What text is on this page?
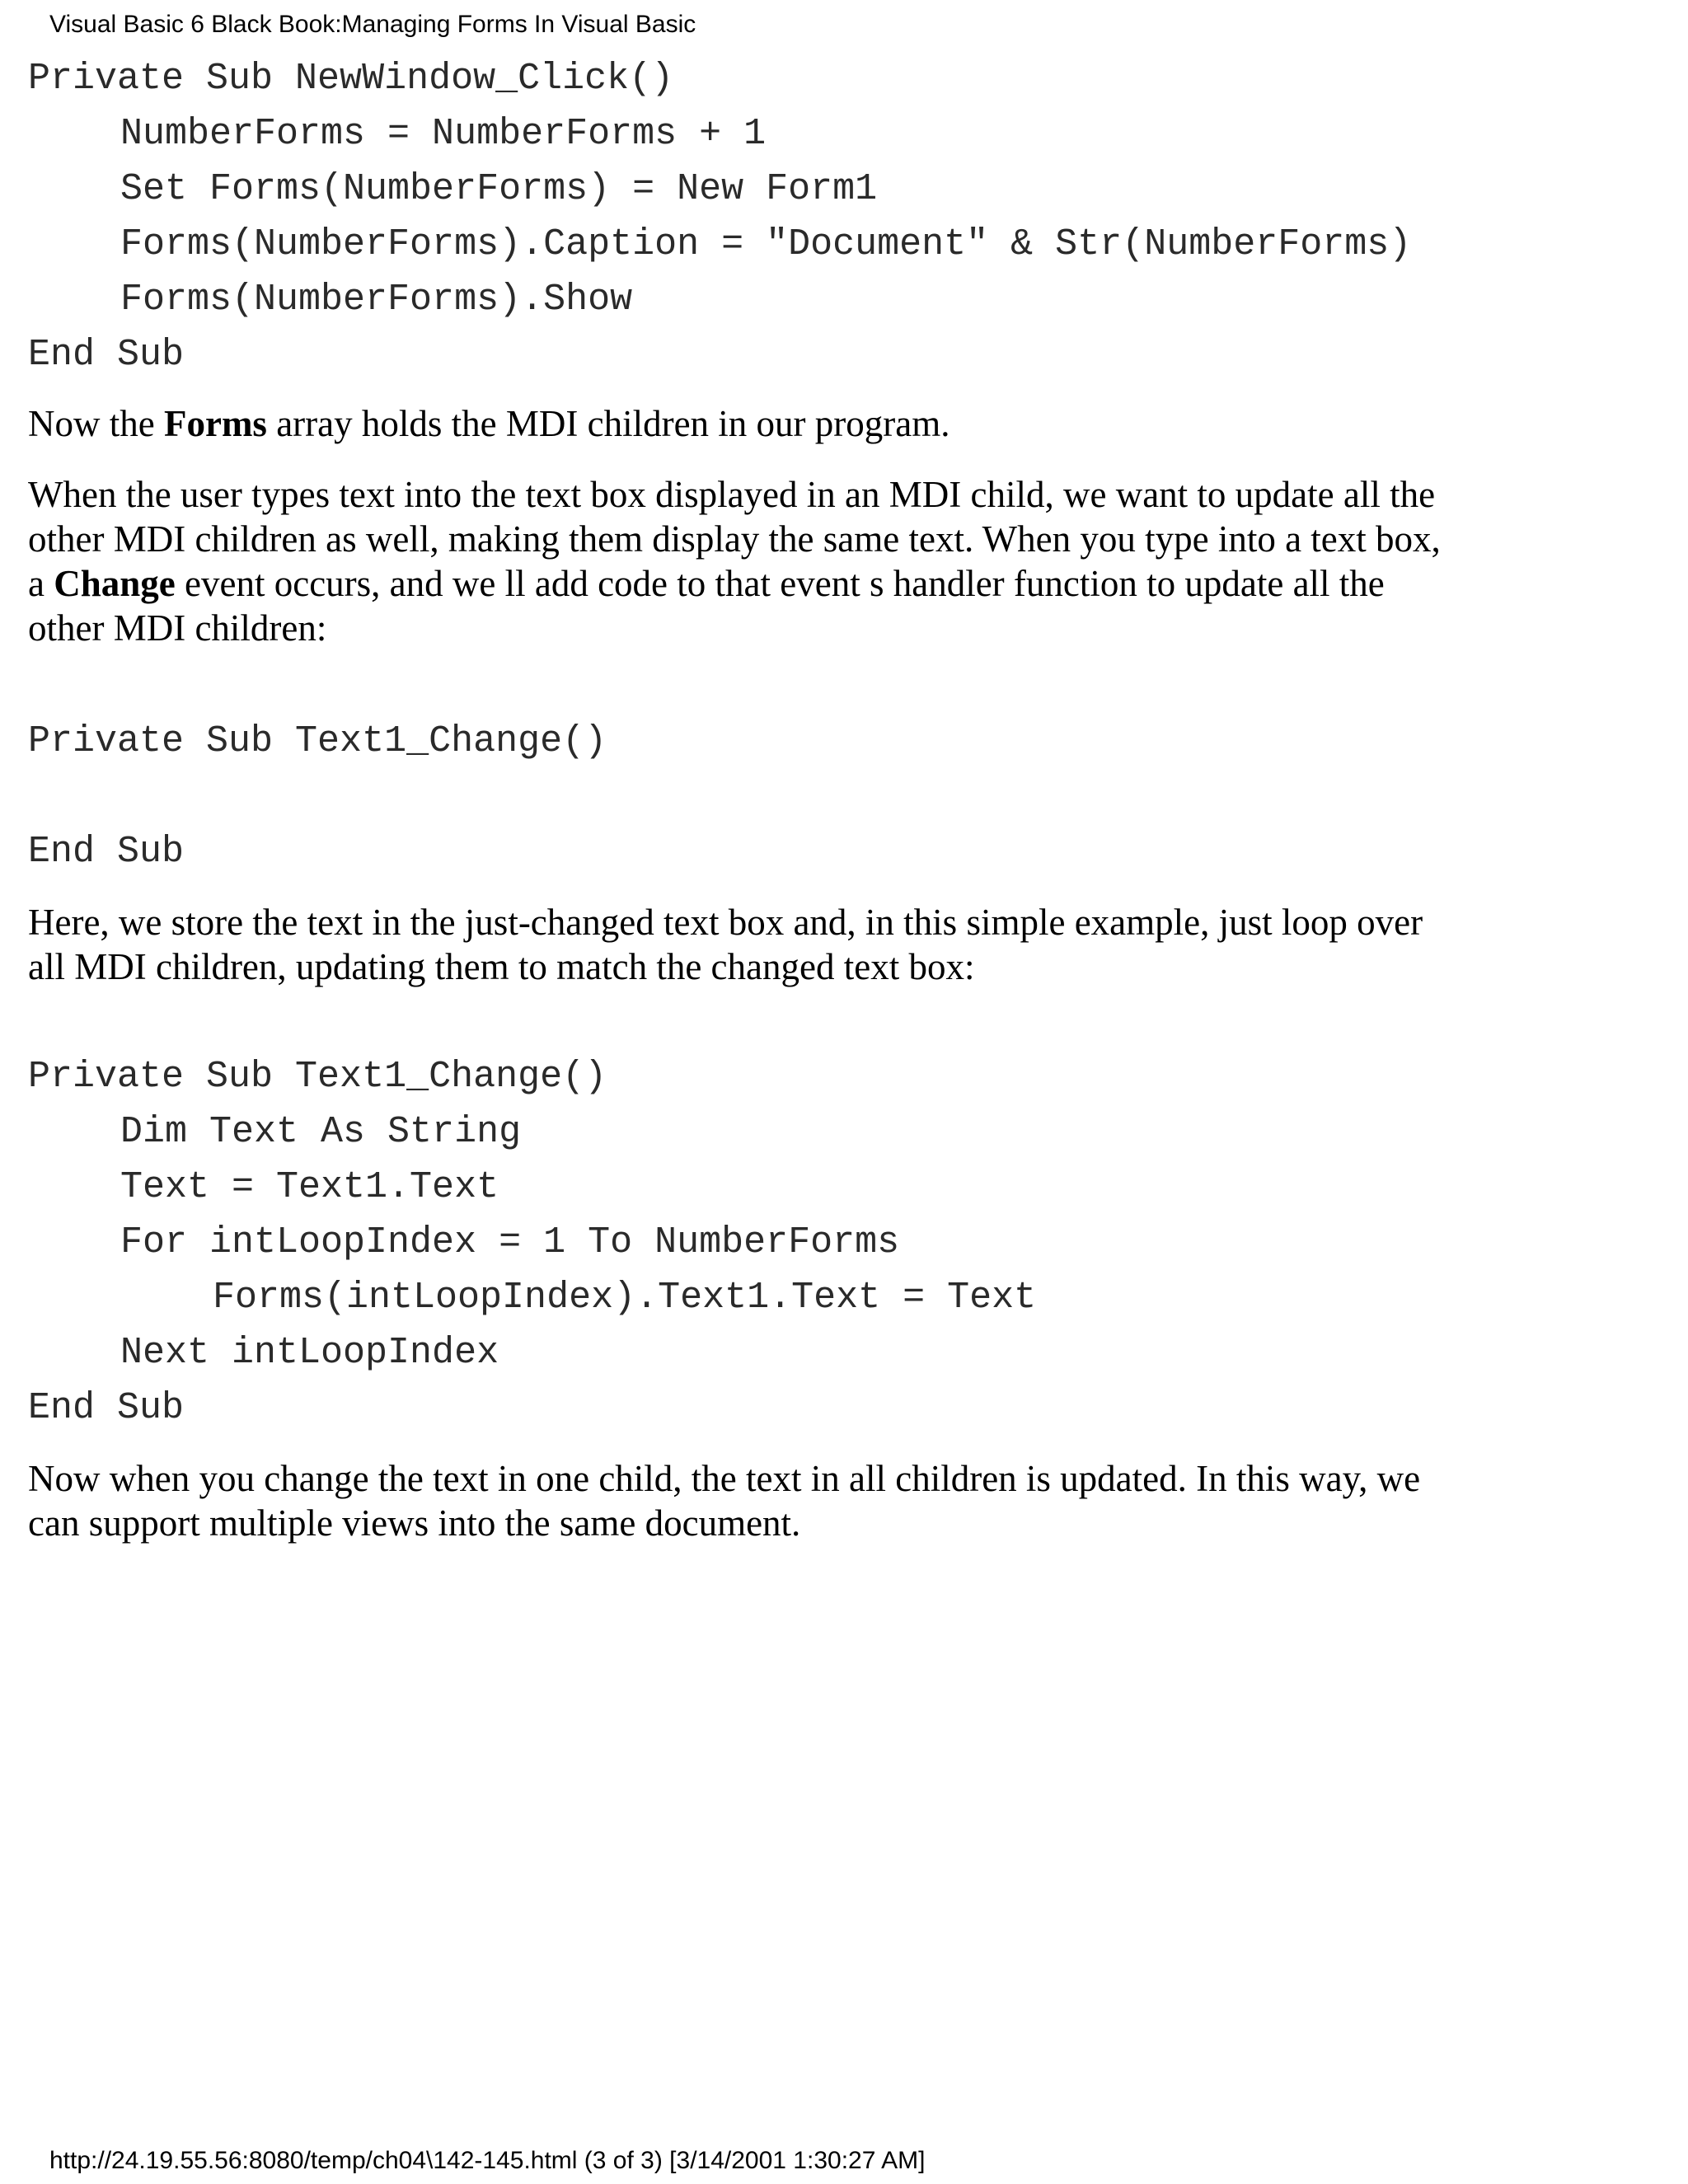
Visual Basic 6 Black Book:Managing Forms In Visual Basic
Private Sub NewWindow_Click()
NumberForms = NumberForms + 1
Set Forms(NumberForms) = New Form1
Forms(NumberForms).Caption = "Document" & Str(NumberForms)
Forms(NumberForms).Show
End Sub

Now the Forms array holds the MDI children in our program.

When the user types text into the text box displayed in an MDI child, we want to update all the other MDI children as well, making them display the same text. When you type into a text box, a Change event occurs, and we ll add code to that event s handler function to update all the other MDI children:

Private Sub Text1_Change()
End Sub

Here, we store the text in the just-changed text box and, in this simple example, just loop over all MDI children, updating them to match the changed text box:

Private Sub Text1_Change()
Dim Text As String
Text = Text1.Text
For intLoopIndex = 1 To NumberForms
Forms(intLoopIndex).Text1.Text = Text
Next intLoopIndex
End Sub

Now when you change the text in one child, the text in all children is updated. In this way, we can support multiple views into the same document.

http://24.19.55.56:8080/temp/ch04\142-145.html (3 of 3) [3/14/2001 1:30:27 AM]
